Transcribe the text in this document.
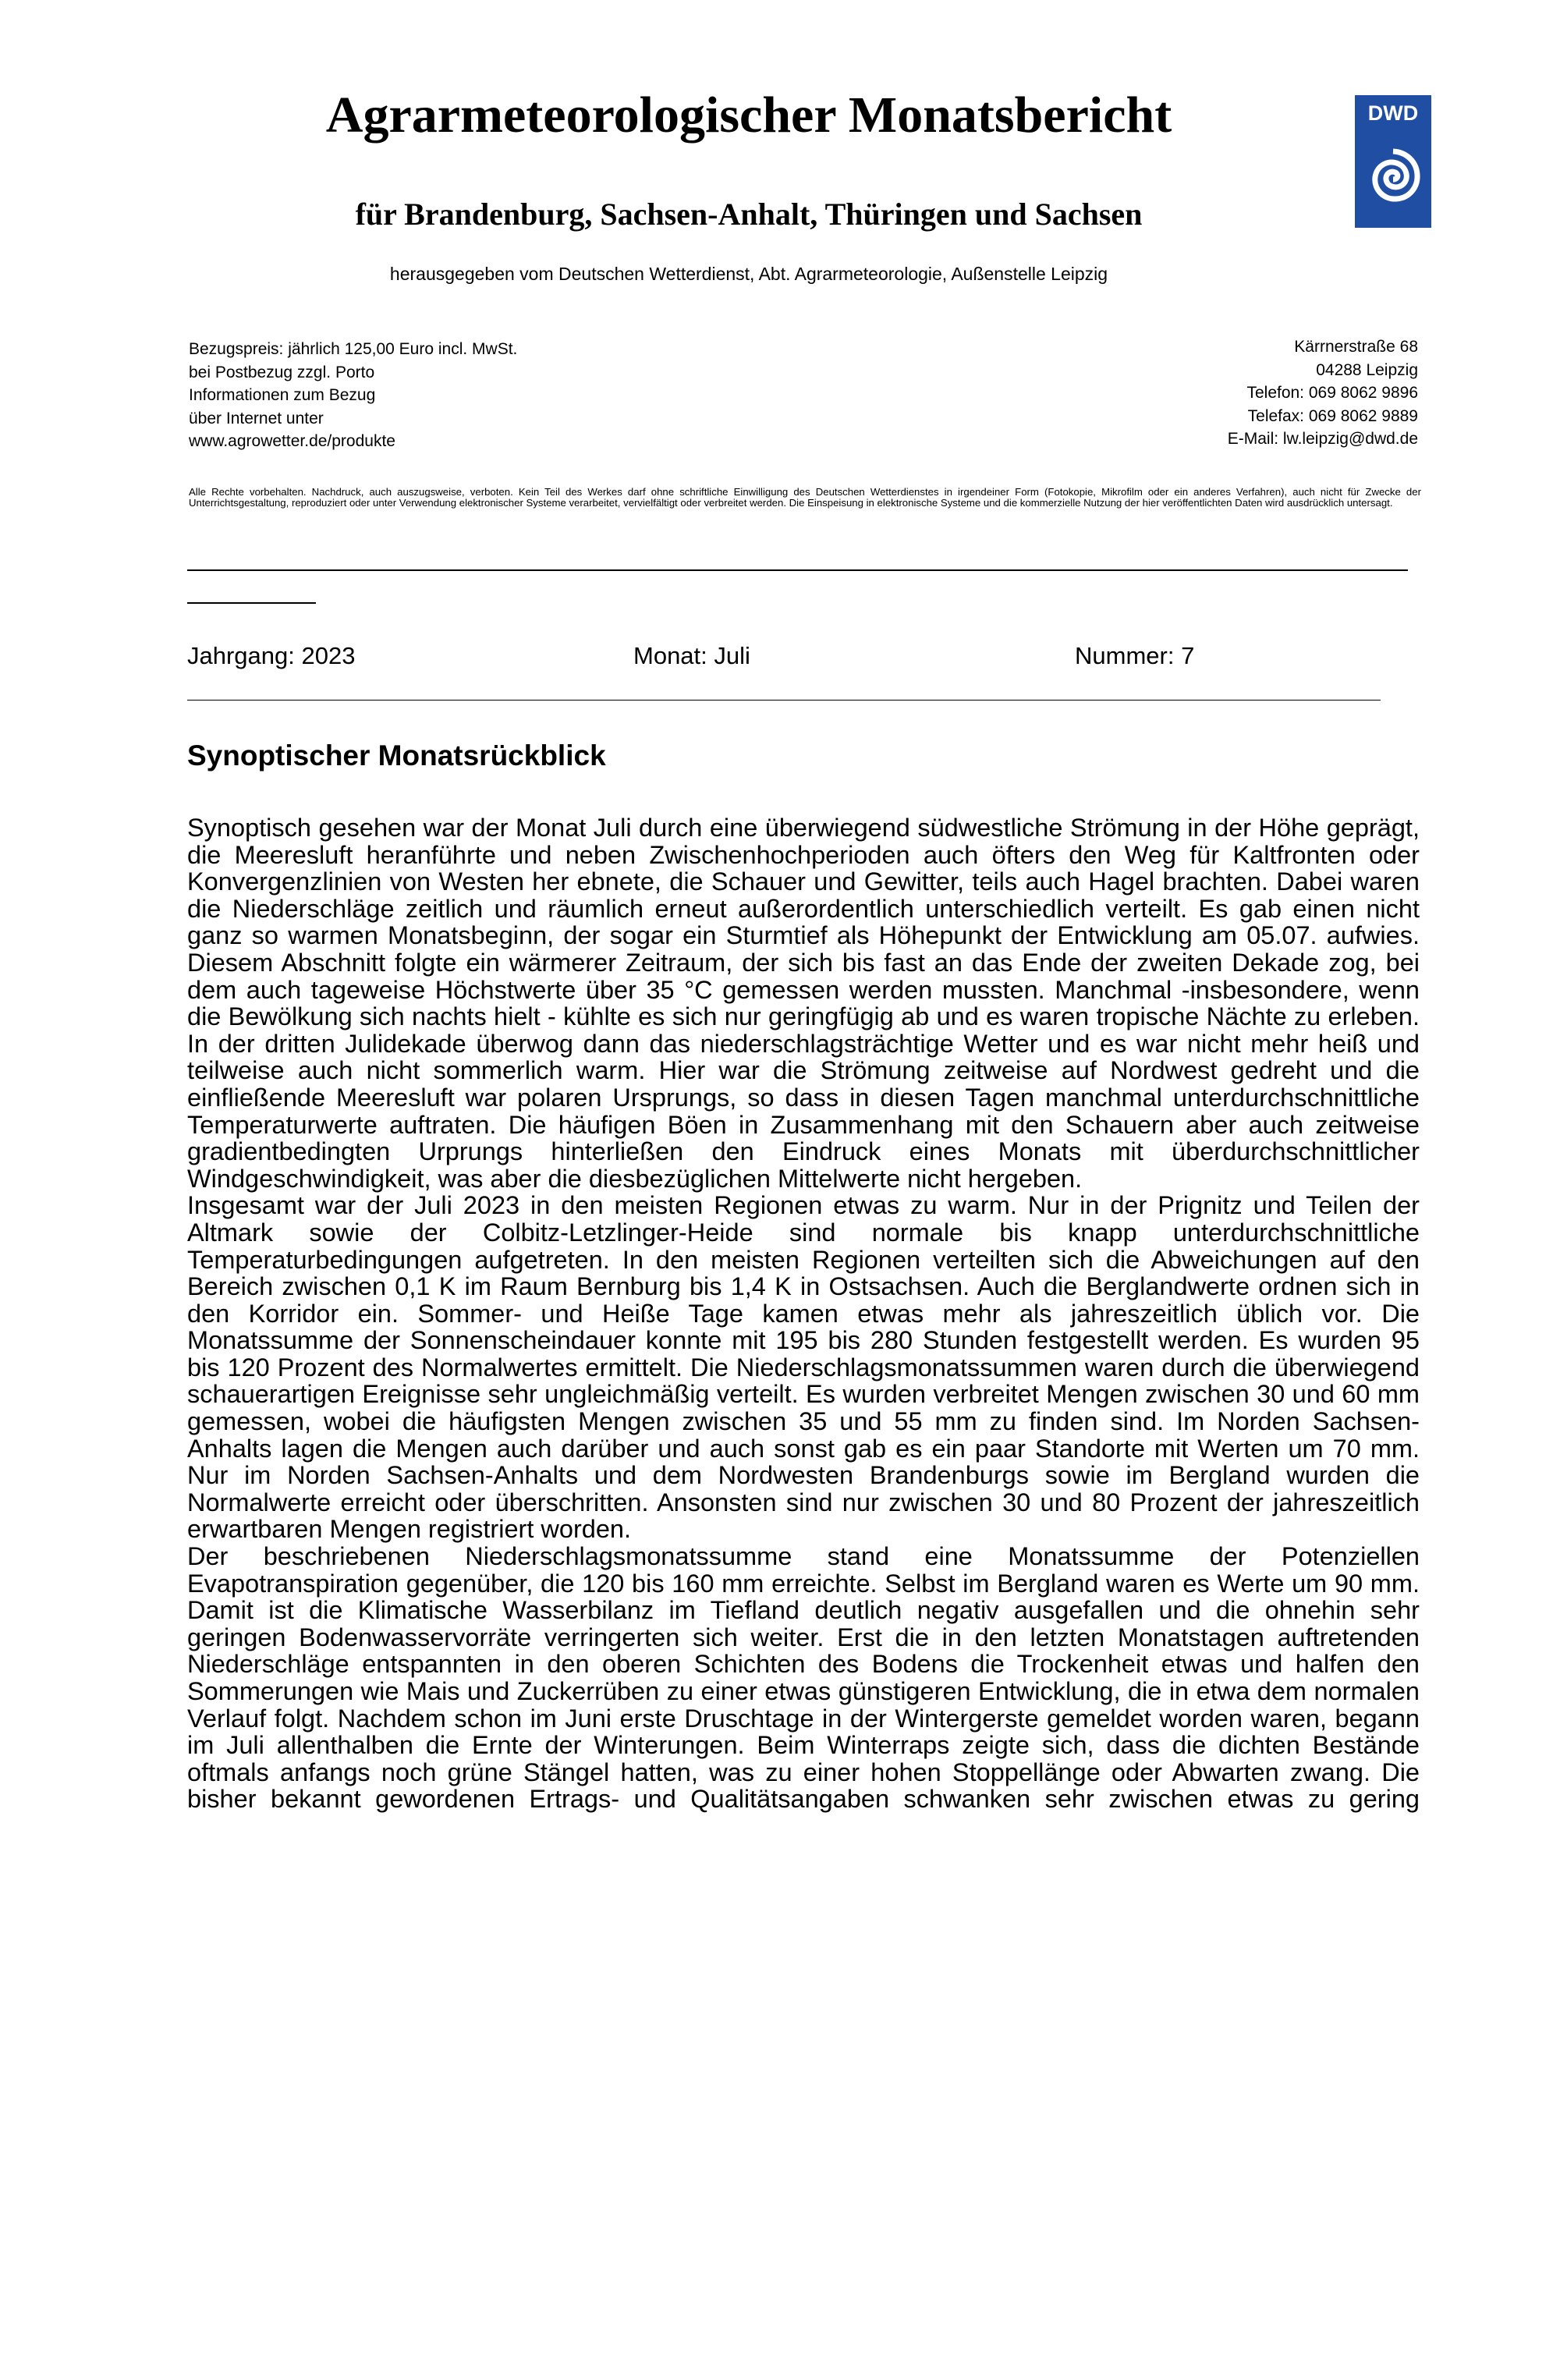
Agrarmeteorologischer Monatsbericht
für Brandenburg, Sachsen-Anhalt, Thüringen und Sachsen
herausgegeben vom Deutschen Wetterdienst, Abt. Agrarmeteorologie, Außenstelle Leipzig
DWD
Bezugspreis: jährlich 125,00 Euro incl. MwSt.
bei Postbezug zzgl. Porto
Informationen zum Bezug
über Internet unter
www.agrowetter.de/produkte
Kärrnerstraße 68
04288 Leipzig
Telefon: 069 8062 9896
Telefax: 069 8062 9889
E-Mail: lw.leipzig@dwd.de
Alle Rechte vorbehalten. Nachdruck, auch auszugsweise, verboten. Kein Teil des Werkes darf ohne schriftliche Einwilligung des Deutschen Wetterdienstes in irgendeiner Form (Fotokopie, Mikrofilm oder ein anderes Verfahren), auch nicht für Zwecke der Unterrichtsgestaltung, reproduziert oder unter Verwendung elektronischer Systeme verarbeitet, vervielfältigt oder verbreitet werden. Die Einspeisung in elektronische Systeme und die kommerzielle Nutzung der hier veröffentlichten Daten wird ausdrücklich untersagt.
Jahrgang: 2023	Monat: Juli	Nummer: 7
Synoptischer Monatsrückblick

Synoptisch gesehen war der Monat Juli durch eine überwiegend südwestliche Strömung in der Höhe geprägt, die Meeresluft heranführte und neben Zwischenhochperioden auch öfters den Weg für Kaltfronten oder Konvergenzlinien von Westen her ebnete, die Schauer und Gewitter, teils auch Hagel brachten. Dabei waren die Niederschläge zeitlich und räumlich erneut außerordentlich unterschiedlich verteilt. Es gab einen nicht ganz so warmen Monatsbeginn, der sogar ein Sturmtief als Höhepunkt der Entwicklung am 05.07. aufwies. Diesem Abschnitt folgte ein wärmerer Zeitraum, der sich bis fast an das Ende der zweiten Dekade zog, bei dem auch tageweise Höchstwerte über 35 °C gemessen werden mussten. Manchmal -insbesondere, wenn die Bewölkung sich nachts hielt - kühlte es sich nur geringfügig ab und es waren tropische Nächte zu erleben. In der dritten Julidekade überwog dann das niederschlagsträchtige Wetter und es war nicht mehr heiß und teilweise auch nicht sommerlich warm. Hier war die Strömung zeitweise auf Nordwest gedreht und die einfließende Meeresluft war polaren Ursprungs, so dass in diesen Tagen manchmal unterdurchschnittliche Temperaturwerte auftraten. Die häufigen Böen in Zusammenhang mit den Schauern aber auch zeitweise gradientbedingten Urprungs hinterließen den Eindruck eines Monats mit überdurchschnittlicher Windgeschwindigkeit, was aber die diesbezüglichen Mittelwerte nicht hergeben.

Insgesamt war der Juli 2023 in den meisten Regionen etwas zu warm. Nur in der Prignitz und Teilen der Altmark sowie der Colbitz-Letzlinger-Heide sind normale bis knapp unterdurchschnittliche Temperaturbedingungen aufgetreten. In den meisten Regionen verteilten sich die Abweichungen auf den Bereich zwischen 0,1 K im Raum Bernburg bis 1,4 K in Ostsachsen. Auch die Berglandwerte ordnen sich in den Korridor ein. Sommer- und Heiße Tage kamen etwas mehr als jahreszeitlich üblich vor. Die Monatssumme der Sonnenscheindauer konnte mit 195 bis 280 Stunden festgestellt werden. Es wurden 95 bis 120 Prozent des Normalwertes ermittelt. Die Niederschlagsmonatssummen waren durch die überwiegend schauerartigen Ereignisse sehr ungleichmäßig verteilt. Es wurden verbreitet Mengen zwischen 30 und 60 mm gemessen, wobei die häufigsten Mengen zwischen 35 und 55 mm zu finden sind. Im Norden Sachsen-Anhalts lagen die Mengen auch darüber und auch sonst gab es ein paar Standorte mit Werten um 70 mm. Nur im Norden Sachsen-Anhalts und dem Nordwesten Brandenburgs sowie im Bergland wurden die Normalwerte erreicht oder überschritten. Ansonsten sind nur zwischen 30 und 80 Prozent der jahreszeitlich erwartbaren Mengen registriert worden.

Der beschriebenen Niederschlagsmonatssumme stand eine Monatssumme der Potenziellen Evapotranspiration gegenüber, die 120 bis 160 mm erreichte. Selbst im Bergland waren es Werte um 90 mm. Damit ist die Klimatische Wasserbilanz im Tiefland deutlich negativ ausgefallen und die ohnehin sehr geringen Bodenwasservorräte verringerten sich weiter. Erst die in den letzten Monatstagen auftretenden Niederschläge entspannten in den oberen Schichten des Bodens die Trockenheit etwas und halfen den Sommerungen wie Mais und Zuckerrüben zu einer etwas günstigeren Entwicklung, die in etwa dem normalen Verlauf folgt. Nachdem schon im Juni erste Druschtage in der Wintergerste gemeldet worden waren, begann im Juli allenthalben die Ernte der Winterungen. Beim Winterraps zeigte sich, dass die dichten Bestände oftmals anfangs noch grüne Stängel hatten, was zu einer hohen Stoppellänge oder Abwarten zwang. Die bisher bekannt gewordenen Ertrags- und Qualitätsangaben schwanken sehr zwischen etwas zu gering
